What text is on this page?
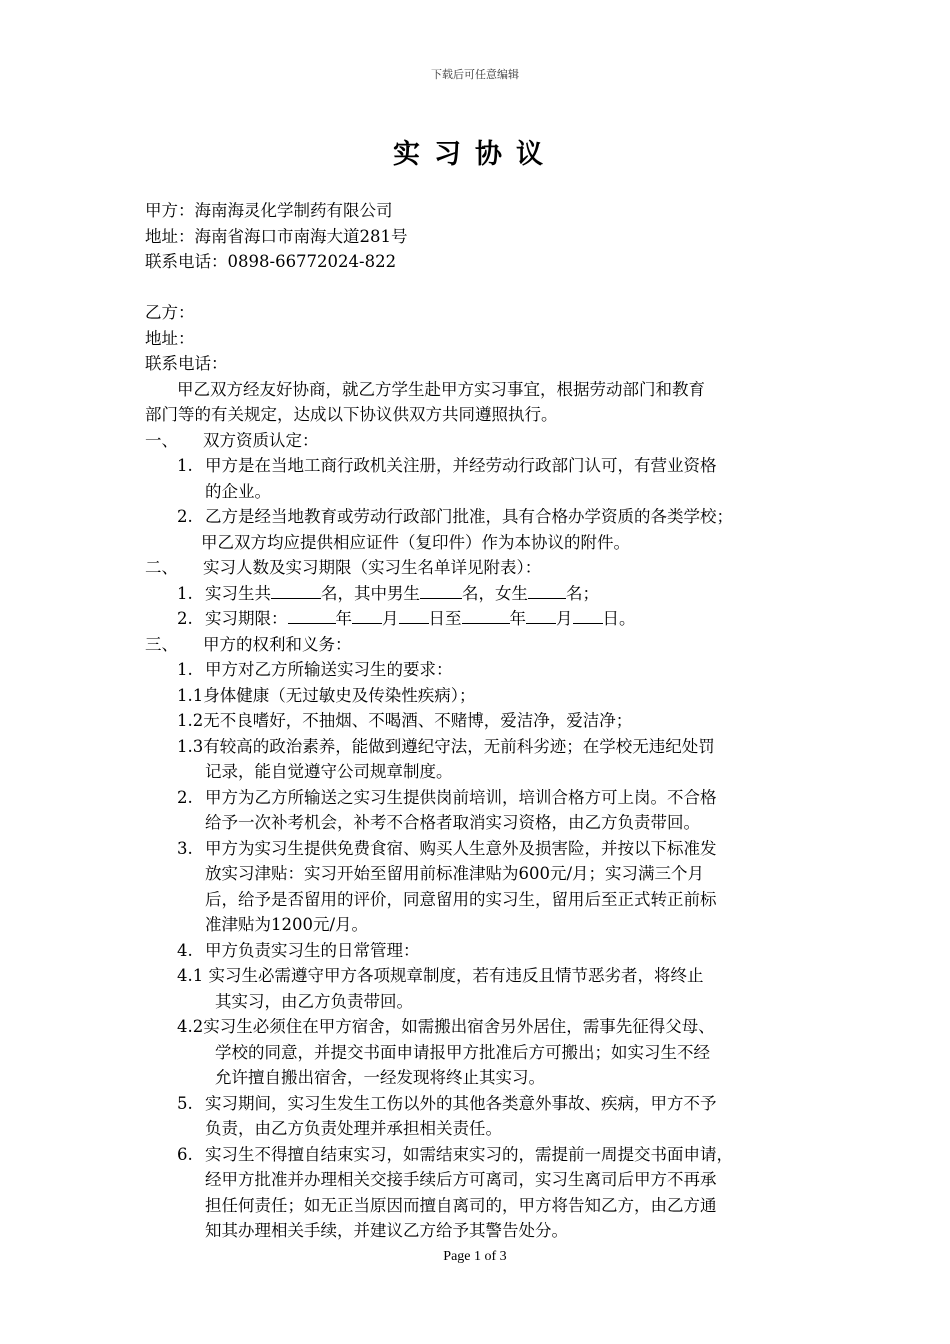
下载后可任意编辑
实习协议
甲方：海南海灵化学制药有限公司
地址：海南省海口市南海大道281号
联系电话：0898-66772024-822
乙方：
地址：
联系电话：
甲乙双方经友好协商，就乙方学生赴甲方实习事宜，根据劳动部门和教育
部门等的有关规定，达成以下协议供双方共同遵照执行。
一、 双方资质认定：
1. 甲方是在当地工商行政机关注册，并经劳动行政部门认可，有营业资格
的企业。
2. 乙方是经当地教育或劳动行政部门批准，具有合格办学资质的各类学校；
甲乙双方均应提供相应证件（复印件）作为本协议的附件。
二、 实习人数及实习期限（实习生名单详见附表）：
1. 实习生共	名，其中男生	名，女生 名；
2. 实习期限：	年 月 日至	年 月 日。
三、 甲方的权利和义务：
1. 甲方对乙方所输送实习生的要求：
1.1身体健康（无过敏史及传染性疾病）；
1.2无不良嗜好，不抽烟、不喝酒、不赌博，爱洁净，爱洁净；
1.3有较高的政治素养，能做到遵纪守法，无前科劣迹；在学校无违纪处罚
记录，能自觉遵守公司规章制度。
2. 甲方为乙方所输送之实习生提供岗前培训，培训合格方可上岗。不合格
给予一次补考机会，补考不合格者取消实习资格，由乙方负责带回。
3. 甲方为实习生提供免费食宿、购买人生意外及损害险，并按以下标准发
放实习津贴：实习开始至留用前标准津贴为600元/月；实习满三个月
后，给予是否留用的评价，同意留用的实习生，留用后至正式转正前标
准津贴为1200元/月。
4. 甲方负责实习生的日常管理：
4.1 实习生必需遵守甲方各项规章制度，若有违反且情节恶劣者，将终止
其实习，由乙方负责带回。
4.2实习生必须住在甲方宿舍，如需搬出宿舍另外居住，需事先征得父母、
学校的同意，并提交书面申请报甲方批准后方可搬出；如实习生不经
允许擅自搬出宿舍，一经发现将终止其实习。
5. 实习期间，实习生发生工伤以外的其他各类意外事故、疾病，甲方不予
负责，由乙方负责处理并承担相关责任。
6. 实习生不得擅自结束实习，如需结束实习的，需提前一周提交书面申请，
经甲方批准并办理相关交接手续后方可离司，实习生离司后甲方不再承
担任何责任；如无正当原因而擅自离司的，甲方将告知乙方，由乙方通
知其办理相关手续，并建议乙方给予其警告处分。
Page 1 of 3
